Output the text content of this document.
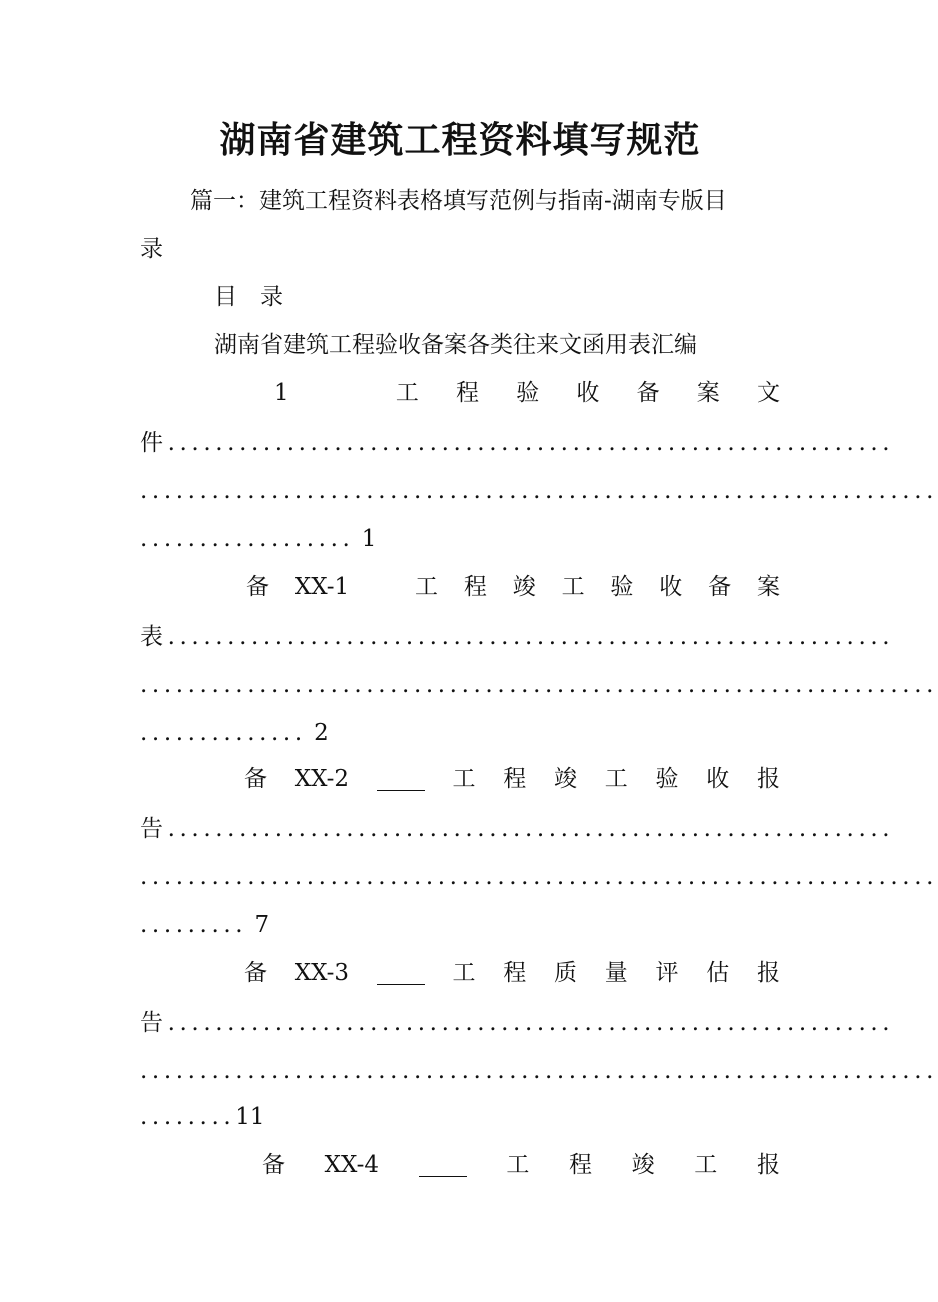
湖南省建筑工程资料填写规范
篇一：建筑工程资料表格填写范例与指南-湖南专版目
录
目　录
湖南省建筑工程验收备案各类往来文函用表汇编
1	工 程 验 收 备 案 文
件.............................................................
...................................................................
.................. 1
备 XX-1	工 程 竣 工 验 收 备 案
表.............................................................
...................................................................
.............. 2
备 XX-2	工 程 竣 工 验 收 报
告.............................................................
...................................................................
......... 7
备 XX-3	工 程 质 量 评 估 报
告.............................................................
...................................................................
........11
备 XX-4	工 程 竣 工 报
